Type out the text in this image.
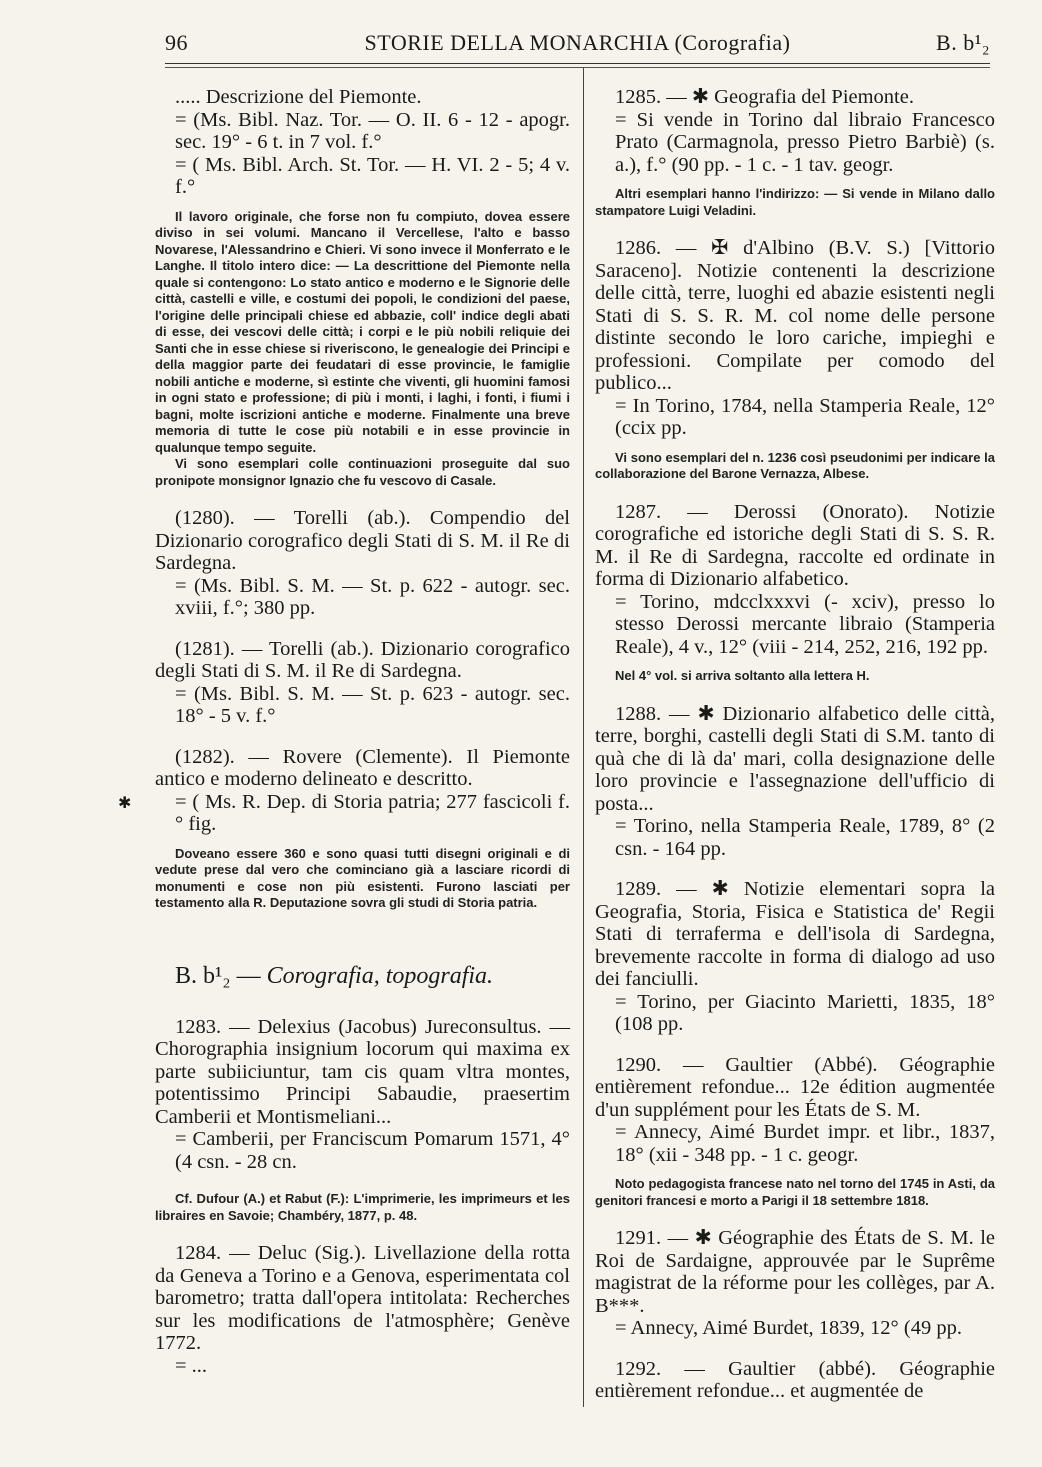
96	STORIE DELLA MONARCHIA (Corografia)	B. b¹₂
✱

..... Descrizione del Piemonte.

= (Ms. Bibl. Naz. Tor. — O. II. 6 - 12 - apogr. sec. 19° - 6 t. in 7 vol. f.°

= ( Ms. Bibl. Arch. St. Tor. — H. VI. 2 - 5; 4 v. f.°

Il lavoro originale, che forse non fu compiuto, dovea essere diviso in sei volumi. Mancano il Vercellese, l'alto e basso Novarese, l'Alessandrino e Chieri. Vi sono invece il Monferrato e le Langhe. Il titolo intero dice: — La descrittione del Piemonte nella quale si contengono: Lo stato antico e moderno e le Signorie delle città, castelli e ville, e costumi dei popoli, le condizioni del paese, l'origine delle principali chiese ed abbazie, coll' indice degli abati di esse, dei vescovi delle città; i corpi e le più nobili reliquie dei Santi che in esse chiese si riveriscono, le genealogie dei Principi e della maggior parte dei feudatari di esse provincie, le famiglie nobili antiche e moderne, sì estinte che viventi, gli huomini famosi in ogni stato e professione; di più i monti, i laghi, i fonti, i fiumi i bagni, molte iscrizioni antiche e moderne. Finalmente una breve memoria di tutte le cose più notabili e in esse provincie in qualunque tempo seguite.

Vi sono esemplari colle continuazioni proseguite dal suo pronipote monsignor Ignazio che fu vescovo di Casale.

(1280). — Torelli (ab.). Compendio del Dizionario corografico degli Stati di S. M. il Re di Sardegna.

= (Ms. Bibl. S. M. — St. p. 622 - autogr. sec. xviii, f.°; 380 pp.

(1281). — Torelli (ab.). Dizionario corografico degli Stati di S. M. il Re di Sardegna.

= (Ms. Bibl. S. M. — St. p. 623 - autogr. sec. 18° - 5 v. f.°

(1282). — Rovere (Clemente). Il Piemonte antico e moderno delineato e descritto.

= ( Ms. R. Dep. di Storia patria; 277 fascicoli f.° fig.

Doveano essere 360 e sono quasi tutti disegni originali e di vedute prese dal vero che cominciano già a lasciare ricordi di monumenti e cose non più esistenti. Furono lasciati per testamento alla R. Deputazione sovra gli studi di Storia patria.

B. b¹₂ — Corografia, topografia.

1283. — Delexius (Jacobus) Jureconsultus. — Chorographia insignium locorum qui maxima ex parte subiiciuntur, tam cis quam vltra montes, potentissimo Principi Sabaudie, praesertim Camberii et Montismeliani...

= Camberii, per Franciscum Pomarum 1571, 4° (4 csn. - 28 cn.

Cf. Dufour (A.) et Rabut (F.): L'imprimerie, les imprimeurs et les libraires en Savoie; Chambéry, 1877, p. 48.

1284. — Deluc (Sig.). Livellazione della rotta da Geneva a Torino e a Genova, esperimentata col barometro; tratta dall'opera intitolata: Recherches sur les modifications de l'atmosphère; Genève 1772.

= ...

1285. — ✱ Geografia del Piemonte.

= Si vende in Torino dal libraio Francesco Prato (Carmagnola, presso Pietro Barbiè) (s. a.), f.° (90 pp. - 1 c. - 1 tav. geogr.

Altri esemplari hanno l'indirizzo: — Si vende in Milano dallo stampatore Luigi Veladini.

1286. — ✠ d'Albino (B.V. S.) [Vittorio Saraceno]. Notizie contenenti la descrizione delle città, terre, luoghi ed abazie esistenti negli Stati di S. S. R. M. col nome delle persone distinte secondo le loro cariche, impieghi e professioni. Compilate per comodo del publico...

= In Torino, 1784, nella Stamperia Reale, 12° (ccix pp.

Vi sono esemplari del n. 1236 così pseudonimi per indicare la collaborazione del Barone Vernazza, Albese.

1287. — Derossi (Onorato). Notizie corografiche ed istoriche degli Stati di S. S. R. M. il Re di Sardegna, raccolte ed ordinate in forma di Dizionario alfabetico.

= Torino, mdcclxxxvi (- xciv), presso lo stesso Derossi mercante libraio (Stamperia Reale), 4 v., 12° (viii - 214, 252, 216, 192 pp.

Nel 4° vol. si arriva soltanto alla lettera H.

1288. — ✱ Dizionario alfabetico delle città, terre, borghi, castelli degli Stati di S.M. tanto di quà che di là da' mari, colla designazione delle loro provincie e l'assegnazione dell'ufficio di posta...

= Torino, nella Stamperia Reale, 1789, 8° (2 csn. - 164 pp.

1289. — ✱ Notizie elementari sopra la Geografia, Storia, Fisica e Statistica de' Regii Stati di terraferma e dell'isola di Sardegna, brevemente raccolte in forma di dialogo ad uso dei fanciulli.

= Torino, per Giacinto Marietti, 1835, 18° (108 pp.

1290. — Gaultier (Abbé). Géographie entièrement refondue... 12e édition augmentée d'un supplément pour les États de S. M.

= Annecy, Aimé Burdet impr. et libr., 1837, 18° (xii - 348 pp. - 1 c. geogr.

Noto pedagogista francese nato nel torno del 1745 in Asti, da genitori francesi e morto a Parigi il 18 settembre 1818.

1291. — ✱ Géographie des États de S. M. le Roi de Sardaigne, approuvée par le Suprême magistrat de la réforme pour les collèges, par A. B***.

= Annecy, Aimé Burdet, 1839, 12° (49 pp.

1292. — Gaultier (abbé). Géographie entièrement refondue... et augmentée de
